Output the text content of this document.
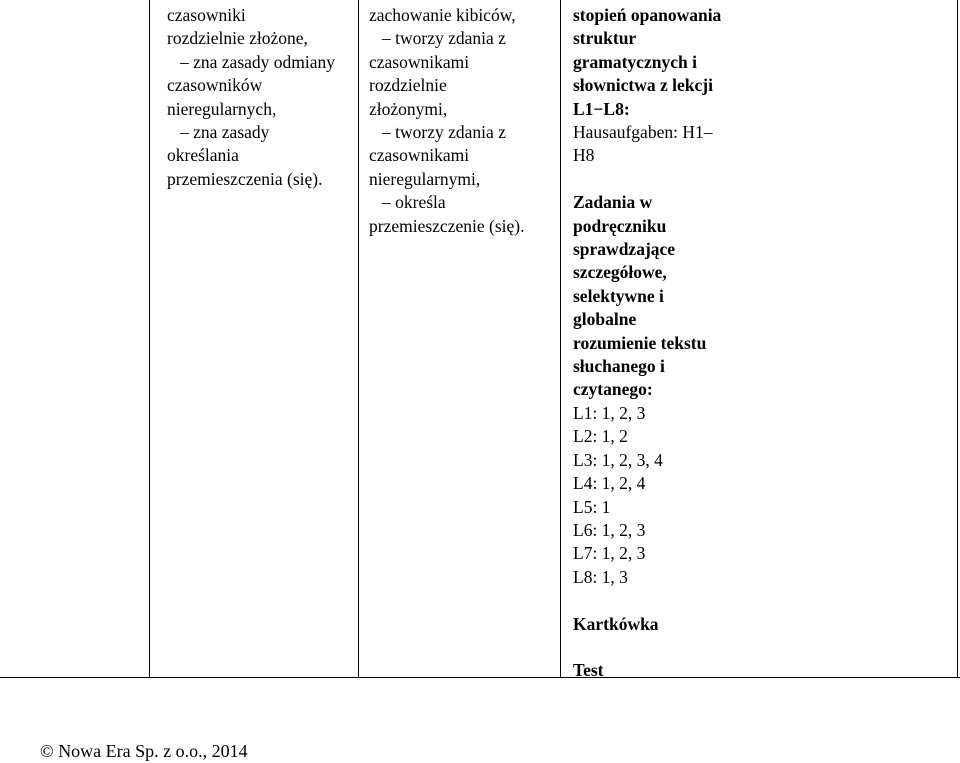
czasowniki
rozdzielnie złożone,
– zna zasady odmiany
czasowników
nieregularnych,
– zna zasady
określania
przemieszczenia (się).
zachowanie kibiców,
– tworzy zdania z
czasownikami
rozdzielnie
złożonymi,
– tworzy zdania z
czasownikami
nieregularnymi,
– określa
przemieszczenie (się).
stopień opanowania
struktur
gramatycznych i
słownictwa z lekcji
L1−L8:
Hausaufgaben: H1–
H8
Zadania w
podręczniku
sprawdzające
szczegółowe,
selektywne i
globalne
rozumienie tekstu
słuchanego i
czytanego:
L1: 1, 2, 3
L2: 1, 2
L3: 1, 2, 3, 4
L4: 1, 2, 4
L5: 1
L6: 1, 2, 3
L7: 1, 2, 3
L8: 1, 3
Kartkówka
Test
© Nowa Era Sp. z o.o., 2014
